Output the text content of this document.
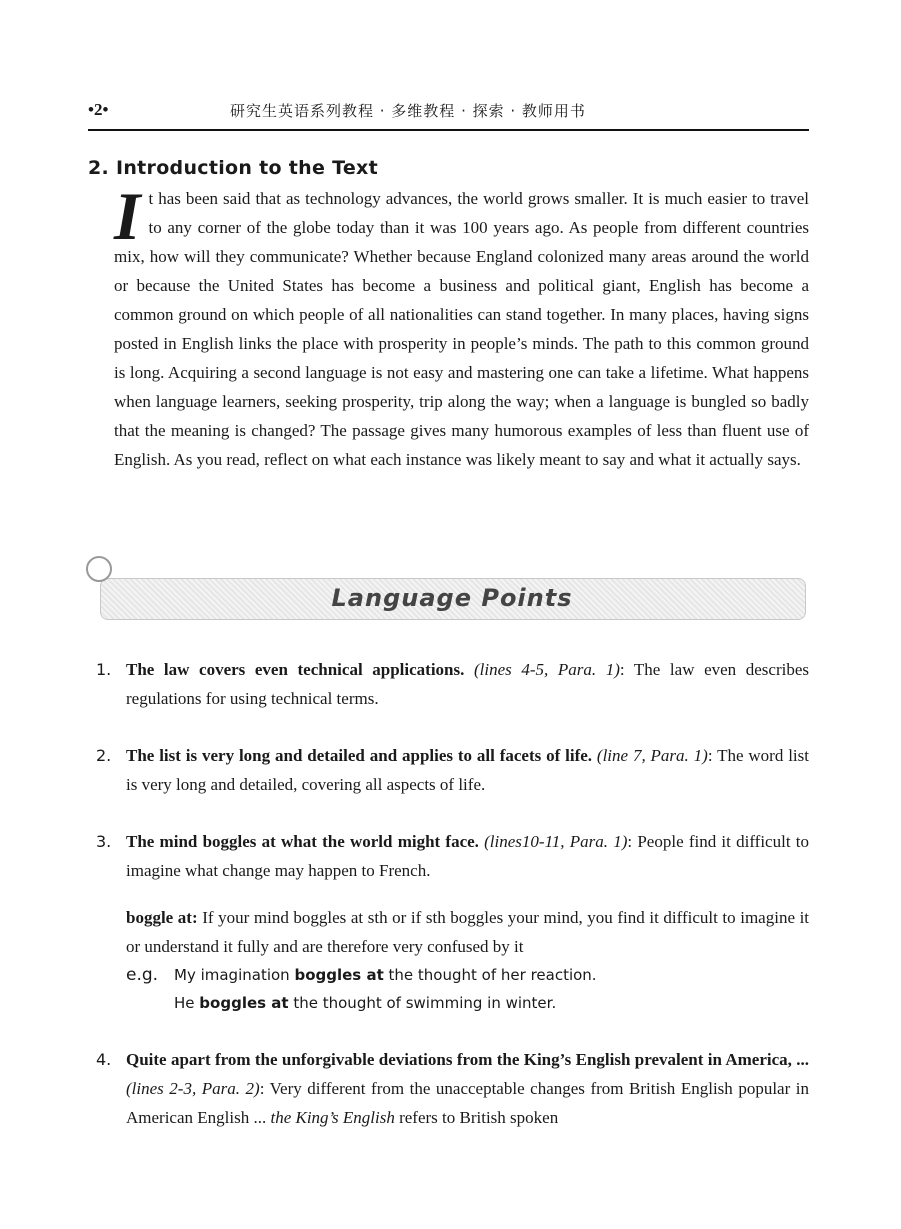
•2•	研究生英语系列教程 · 多维教程 · 探索 · 教师用书
2. Introduction to the Text
It has been said that as technology advances, the world grows smaller. It is much easier to travel to any corner of the globe today than it was 100 years ago. As people from different countries mix, how will they communicate? Whether because England colonized many areas around the world or because the United States has become a business and political giant, English has become a common ground on which people of all nationalities can stand together. In many places, having signs posted in English links the place with prosperity in people’s minds. The path to this common ground is long. Acquiring a second language is not easy and mastering one can take a lifetime. What happens when language learners, seeking prosperity, trip along the way; when a language is bungled so badly that the meaning is changed? The passage gives many humorous examples of less than fluent use of English. As you read, reflect on what each instance was likely meant to say and what it actually says.
Language Points
1. The law covers even technical applications. (lines 4-5, Para. 1): The law even describes regulations for using technical terms.
2. The list is very long and detailed and applies to all facets of life. (line 7, Para. 1): The word list is very long and detailed, covering all aspects of life.
3. The mind boggles at what the world might face. (lines10-11, Para. 1): People find it difficult to imagine what change may happen to French.
boggle at: If your mind boggles at sth or if sth boggles your mind, you find it difficult to imagine it or understand it fully and are therefore very confused by it
e.g. My imagination boggles at the thought of her reaction.
He boggles at the thought of swimming in winter.
4. Quite apart from the unforgivable deviations from the King’s English prevalent in America, ... (lines 2-3, Para. 2): Very different from the unacceptable changes from British English popular in American English ... the King’s English refers to British spoken
